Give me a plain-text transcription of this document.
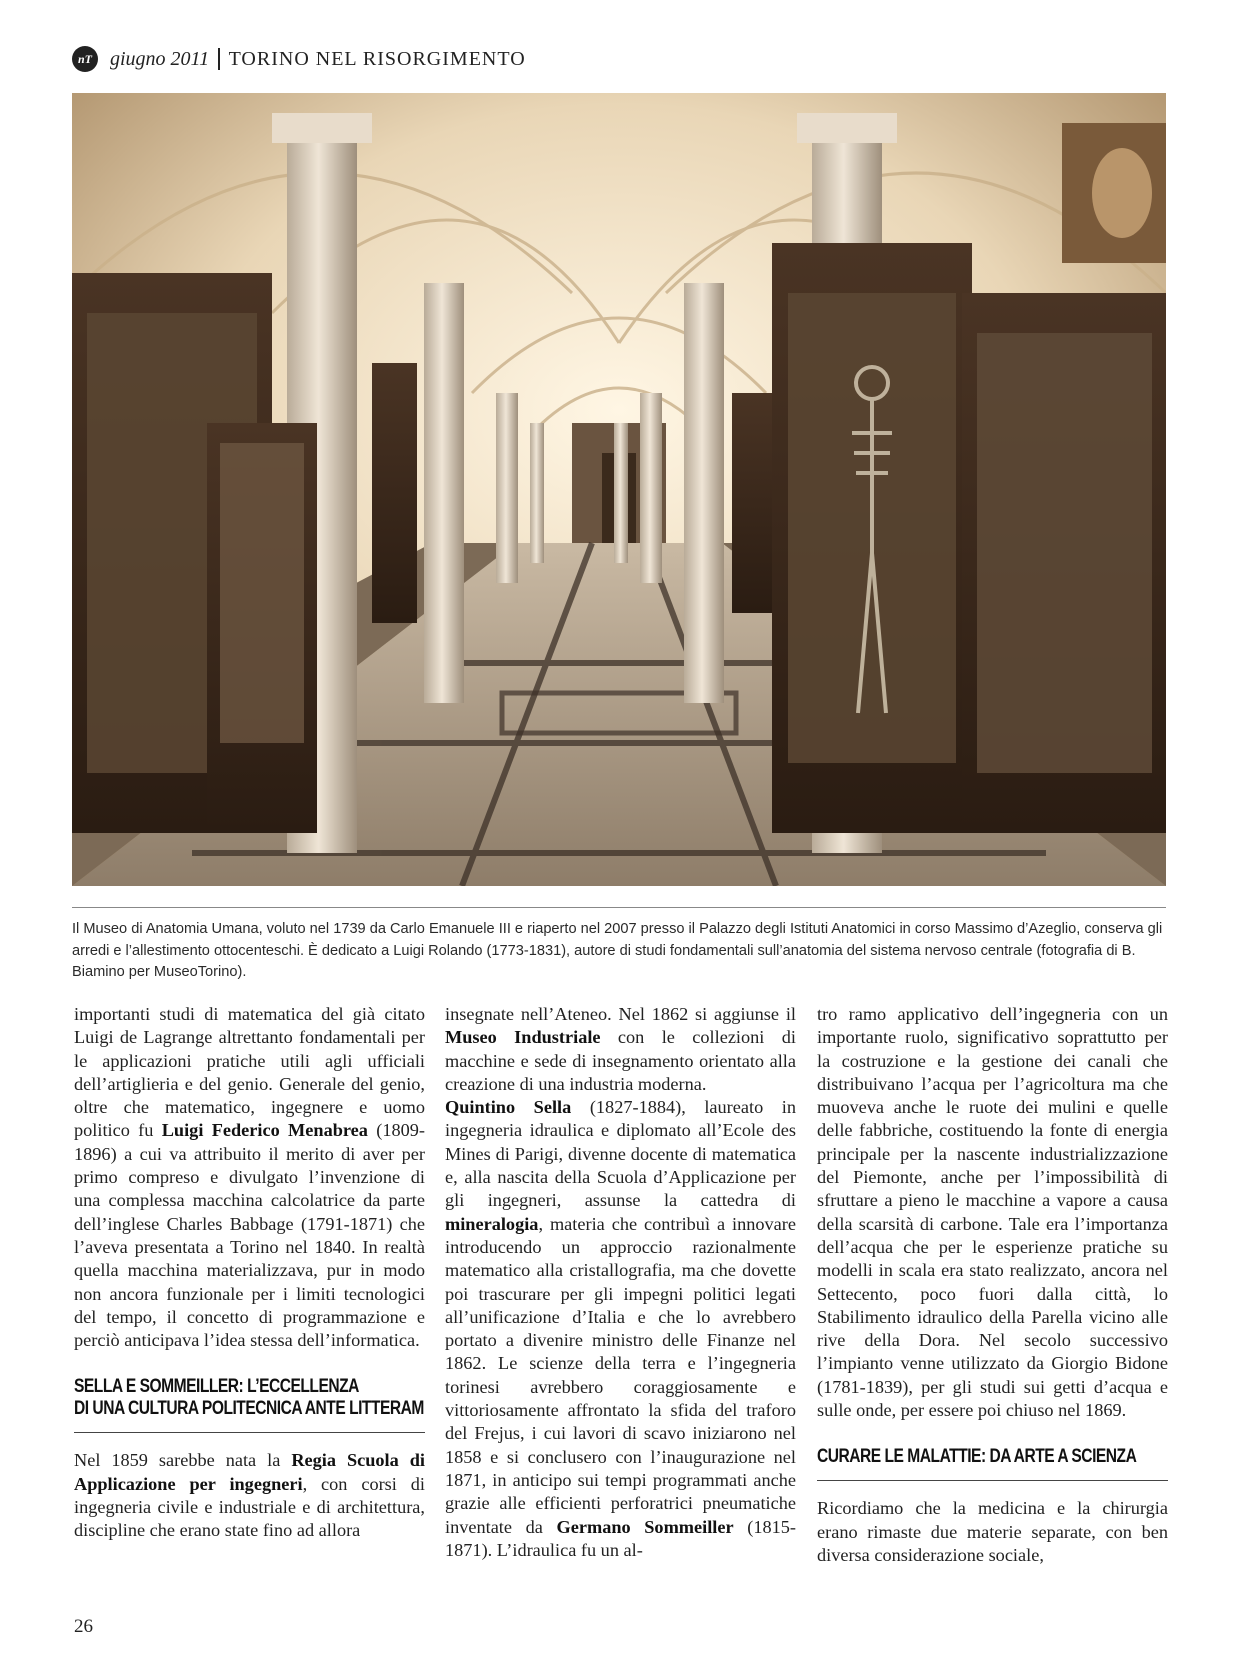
nT giugno 2011 TORINO NEL RISORGIMENTO
Il Museo di Anatomia Umana, voluto nel 1739 da Carlo Emanuele III e riaperto nel 2007 presso il Palazzo degli Istituti Anatomici in corso Massimo d’Azeglio, conserva gli arredi e l’allestimento ottocenteschi. È dedicato a Luigi Rolando (1773-1831), autore di studi fondamentali sull’anatomia del sistema nervoso centrale (fotografia di B. Biamino per MuseoTorino).

importanti studi di matematica del già citato Luigi de Lagrange altrettanto fondamentali per le applicazioni pratiche utili agli ufficiali dell’artiglieria e del genio. Generale del genio, oltre che matematico, ingegnere e uomo politico fu Luigi Federico Menabrea (1809-1896) a cui va attribuito il merito di aver per primo compreso e divulgato l’invenzione di una complessa macchina calcolatrice da parte dell’inglese Charles Babbage (1791-1871) che l’aveva presentata a Torino nel 1840. In realtà quella macchina materializzava, pur in modo non ancora funzionale per i limiti tecnologici del tempo, il concetto di programmazione e perciò anticipava l’idea stessa dell’informatica.

SELLA E SOMMEILLER: L’ECCELLENZA
DI UNA CULTURA POLITECNICA ANTE LITTERAM

Nel 1859 sarebbe nata la Regia Scuola di Applicazione per ingegneri, con corsi di ingegneria civile e industriale e di architettura, discipline che erano state fino ad allora

insegnate nell’Ateneo. Nel 1862 si aggiunse il Museo Industriale con le collezioni di macchine e sede di insegnamento orientato alla creazione di una industria moderna.

Quintino Sella (1827-1884), laureato in ingegneria idraulica e diplomato all’Ecole des Mines di Parigi, divenne docente di matematica e, alla nascita della Scuola d’Applicazione per gli ingegneri, assunse la cattedra di mineralogia, materia che contribuì a innovare introducendo un approccio razionalmente matematico alla cristallografia, ma che dovette poi trascurare per gli impegni politici legati all’unificazione d’Italia e che lo avrebbero portato a divenire ministro delle Finanze nel 1862. Le scienze della terra e l’ingegneria torinesi avrebbero coraggiosamente e vittoriosamente affrontato la sfida del traforo del Frejus, i cui lavori di scavo iniziarono nel 1858 e si conclusero con l’inaugurazione nel 1871, in anticipo sui tempi programmati anche grazie alle efficienti perforatrici pneumatiche inventate da Germano Sommeiller (1815-1871). L’idraulica fu un al-

tro ramo applicativo dell’ingegneria con un importante ruolo, significativo soprattutto per la costruzione e la gestione dei canali che distribuivano l’acqua per l’agricoltura ma che muoveva anche le ruote dei mulini e quelle delle fabbriche, costituendo la fonte di energia principale per la nascente industrializzazione del Piemonte, anche per l’impossibilità di sfruttare a pieno le macchine a vapore a causa della scarsità di carbone. Tale era l’importanza dell’acqua che per le esperienze pratiche su modelli in scala era stato realizzato, ancora nel Settecento, poco fuori dalla città, lo Stabilimento idraulico della Parella vicino alle rive della Dora. Nel secolo successivo l’impianto venne utilizzato da Giorgio Bidone (1781-1839), per gli studi sui getti d’acqua e sulle onde, per essere poi chiuso nel 1869.

CURARE LE MALATTIE: DA ARTE A SCIENZA

Ricordiamo che la medicina e la chirurgia erano rimaste due materie separate, con ben diversa considerazione sociale,

26
